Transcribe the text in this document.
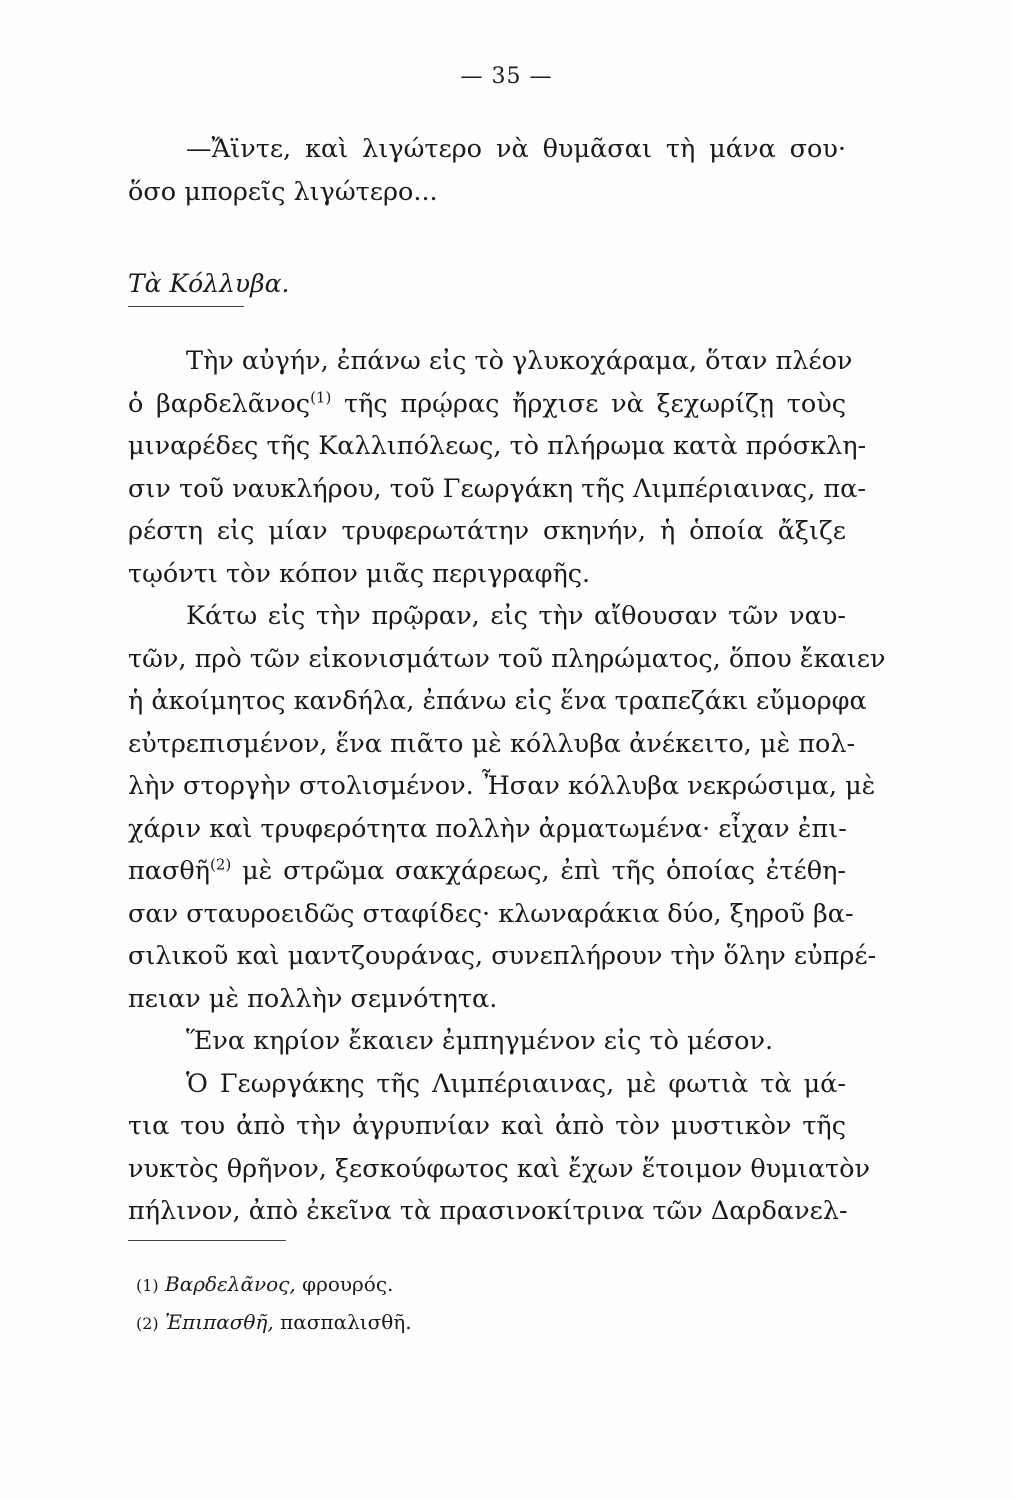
— 35 —
—Ἄϊντε, καὶ λιγώτερο νὰ θυμᾶσαι τὴ μάνα σου·
ὅσο μπορεῖς λιγώτερο...
Τὰ Κόλλυβα.
Τὴν αὐγήν, ἐπάνω εἰς τὸ γλυκοχάραμα, ὅταν πλέον
ὁ βαρδελᾶνος$^{(1)}$ τῆς πρῴρας ἤρχισε νὰ ξεχωρίζῃ τοὺς
μιναρέδες τῆς Καλλιπόλεως, τὸ πλήρωμα κατὰ πρόσκλη-
σιν τοῦ ναυκλήρου, τοῦ Γεωργάκη τῆς Λιμπέριαινας, πα-
ρέστη εἰς μίαν τρυφερωτάτην σκηνήν, ἡ ὁποία ἄξιζε
τῳόντι τὸν κόπον μιᾶς περιγραφῆς.
Κάτω εἰς τὴν πρῷραν, εἰς τὴν αἴθουσαν τῶν ναυ-
τῶν, πρὸ τῶν εἰκονισμάτων τοῦ πληρώματος, ὅπου ἔκαιεν
ἡ ἀκοίμητος κανδήλα, ἐπάνω εἰς ἕνα τραπεζάκι εὔμορφα
εὐτρεπισμένον, ἕνα πιᾶτο μὲ κόλλυβα ἀνέκειτο, μὲ πολ-
λὴν στοργὴν στολισμένον. Ἦσαν κόλλυβα νεκρώσιμα, μὲ
χάριν καὶ τρυφερότητα πολλὴν ἀρματωμένα· εἶχαν ἐπι-
πασθῆ$^{(2)}$ μὲ στρῶμα σακχάρεως, ἐπὶ τῆς ὁποίας ἐτέθη-
σαν σταυροειδῶς σταφίδες· κλωναράκια δύο, ξηροῦ βα-
σιλικοῦ καὶ μαντζουράνας, συνεπλήρουν τὴν ὅλην εὐπρέ-
πειαν μὲ πολλὴν σεμνότητα.
Ἕνα κηρίον ἔκαιεν ἐμπηγμένον εἰς τὸ μέσον.
Ὁ Γεωργάκης τῆς Λιμπέριαινας, μὲ φωτιὰ τὰ μά-
τια του ἀπὸ τὴν ἀγρυπνίαν καὶ ἀπὸ τὸν μυστικὸν τῆς
νυκτὸς θρῆνον, ξεσκούφωτος καὶ ἔχων ἕτοιμον θυμιατὸν
πήλινον, ἀπὸ ἐκεῖνα τὰ πρασινοκίτρινα τῶν Δαρδανελ-
(1) Βαρδελᾶνος, φρουρός.
(2) Ἐπιπασθῆ, πασπαλισθῆ.
